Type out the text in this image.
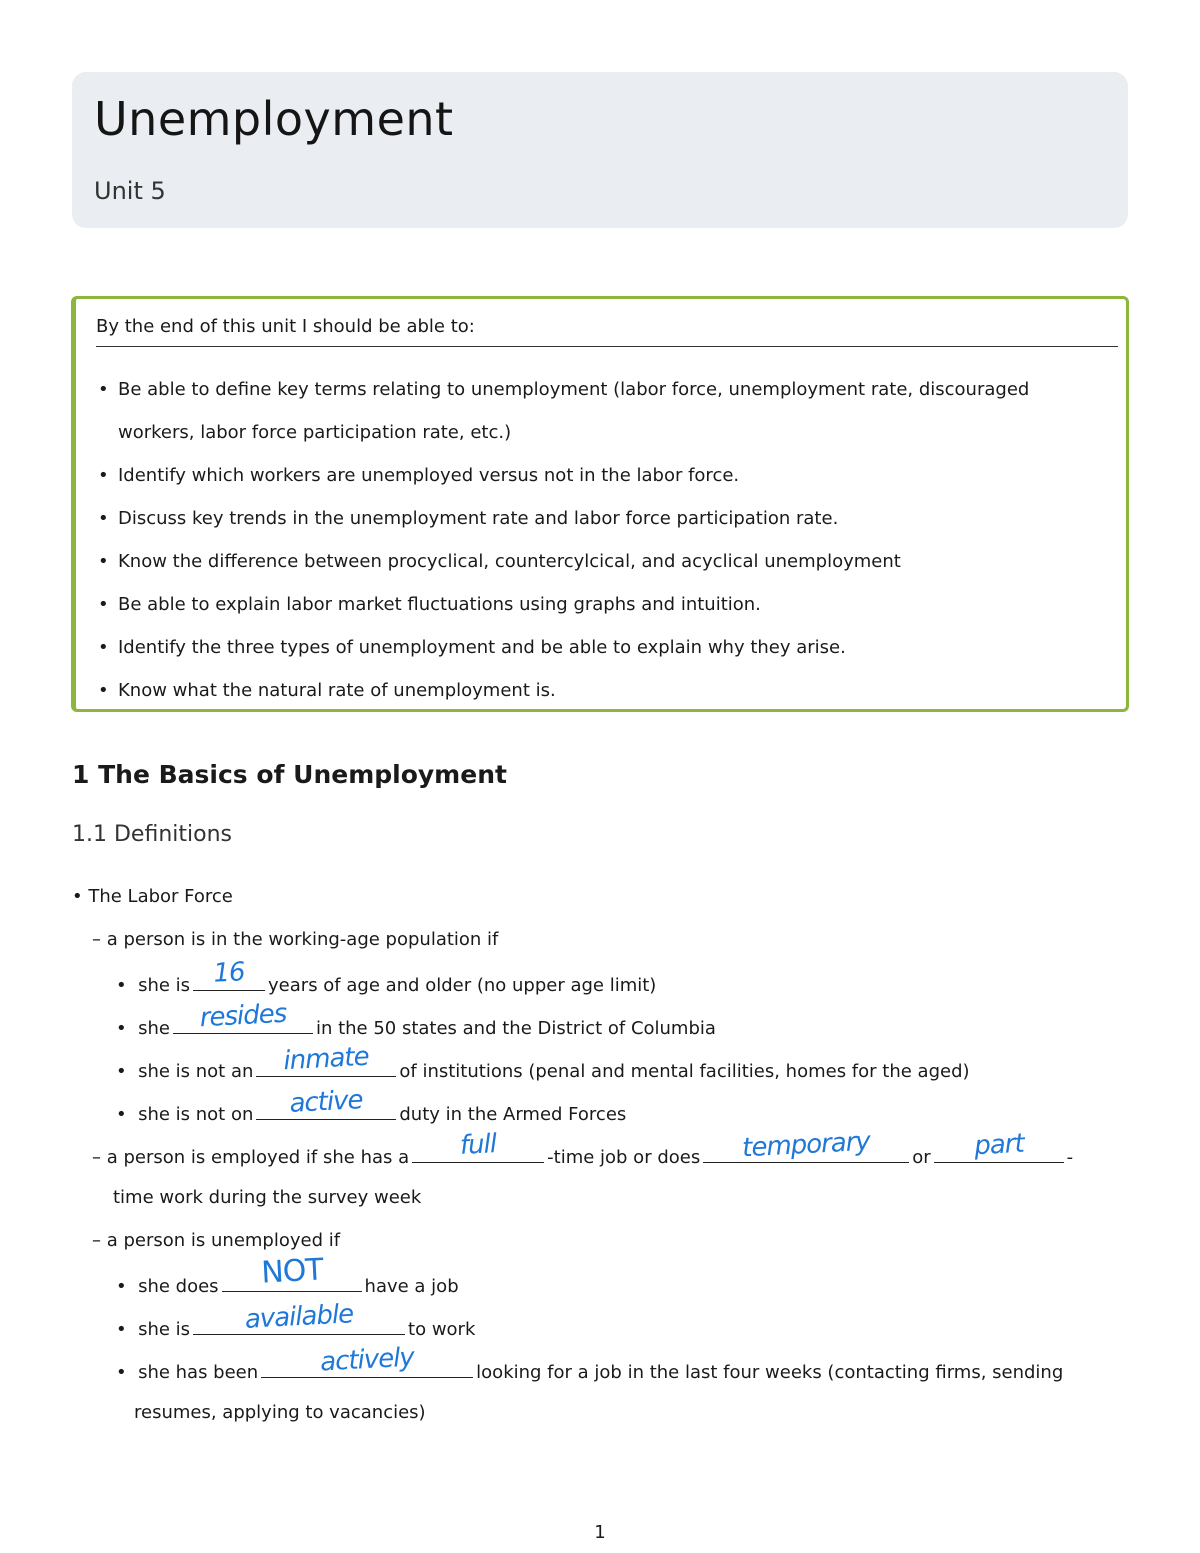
Unemployment
Unit 5
By the end of this unit I should be able to:
• Be able to define key terms relating to unemployment (labor force, unemployment rate, discouraged workers, labor force participation rate, etc.)
• Identify which workers are unemployed versus not in the labor force.
• Discuss key trends in the unemployment rate and labor force participation rate.
• Know the difference between procyclical, countercylcical, and acyclical unemployment
• Be able to explain labor market fluctuations using graphs and intuition.
• Identify the three types of unemployment and be able to explain why they arise.
• Know what the natural rate of unemployment is.
1 The Basics of Unemployment
1.1 Definitions
• The Labor Force
– a person is in the working-age population if
•  she is 16 years of age and older (no upper age limit)
•  she resides in the 50 states and the District of Columbia
•  she is not an inmate of institutions (penal and mental facilities, homes for the aged)
•  she is not on active duty in the Armed Forces
– a person is employed if she has a full	-time job or does temporary or part -
time work during the survey week
– a person is unemployed if
•  she does NOT have a job
•  she is available	to work
•  she has been actively	looking for a job in the last four weeks (contacting firms, sending
resumes, applying to vacancies)
1
